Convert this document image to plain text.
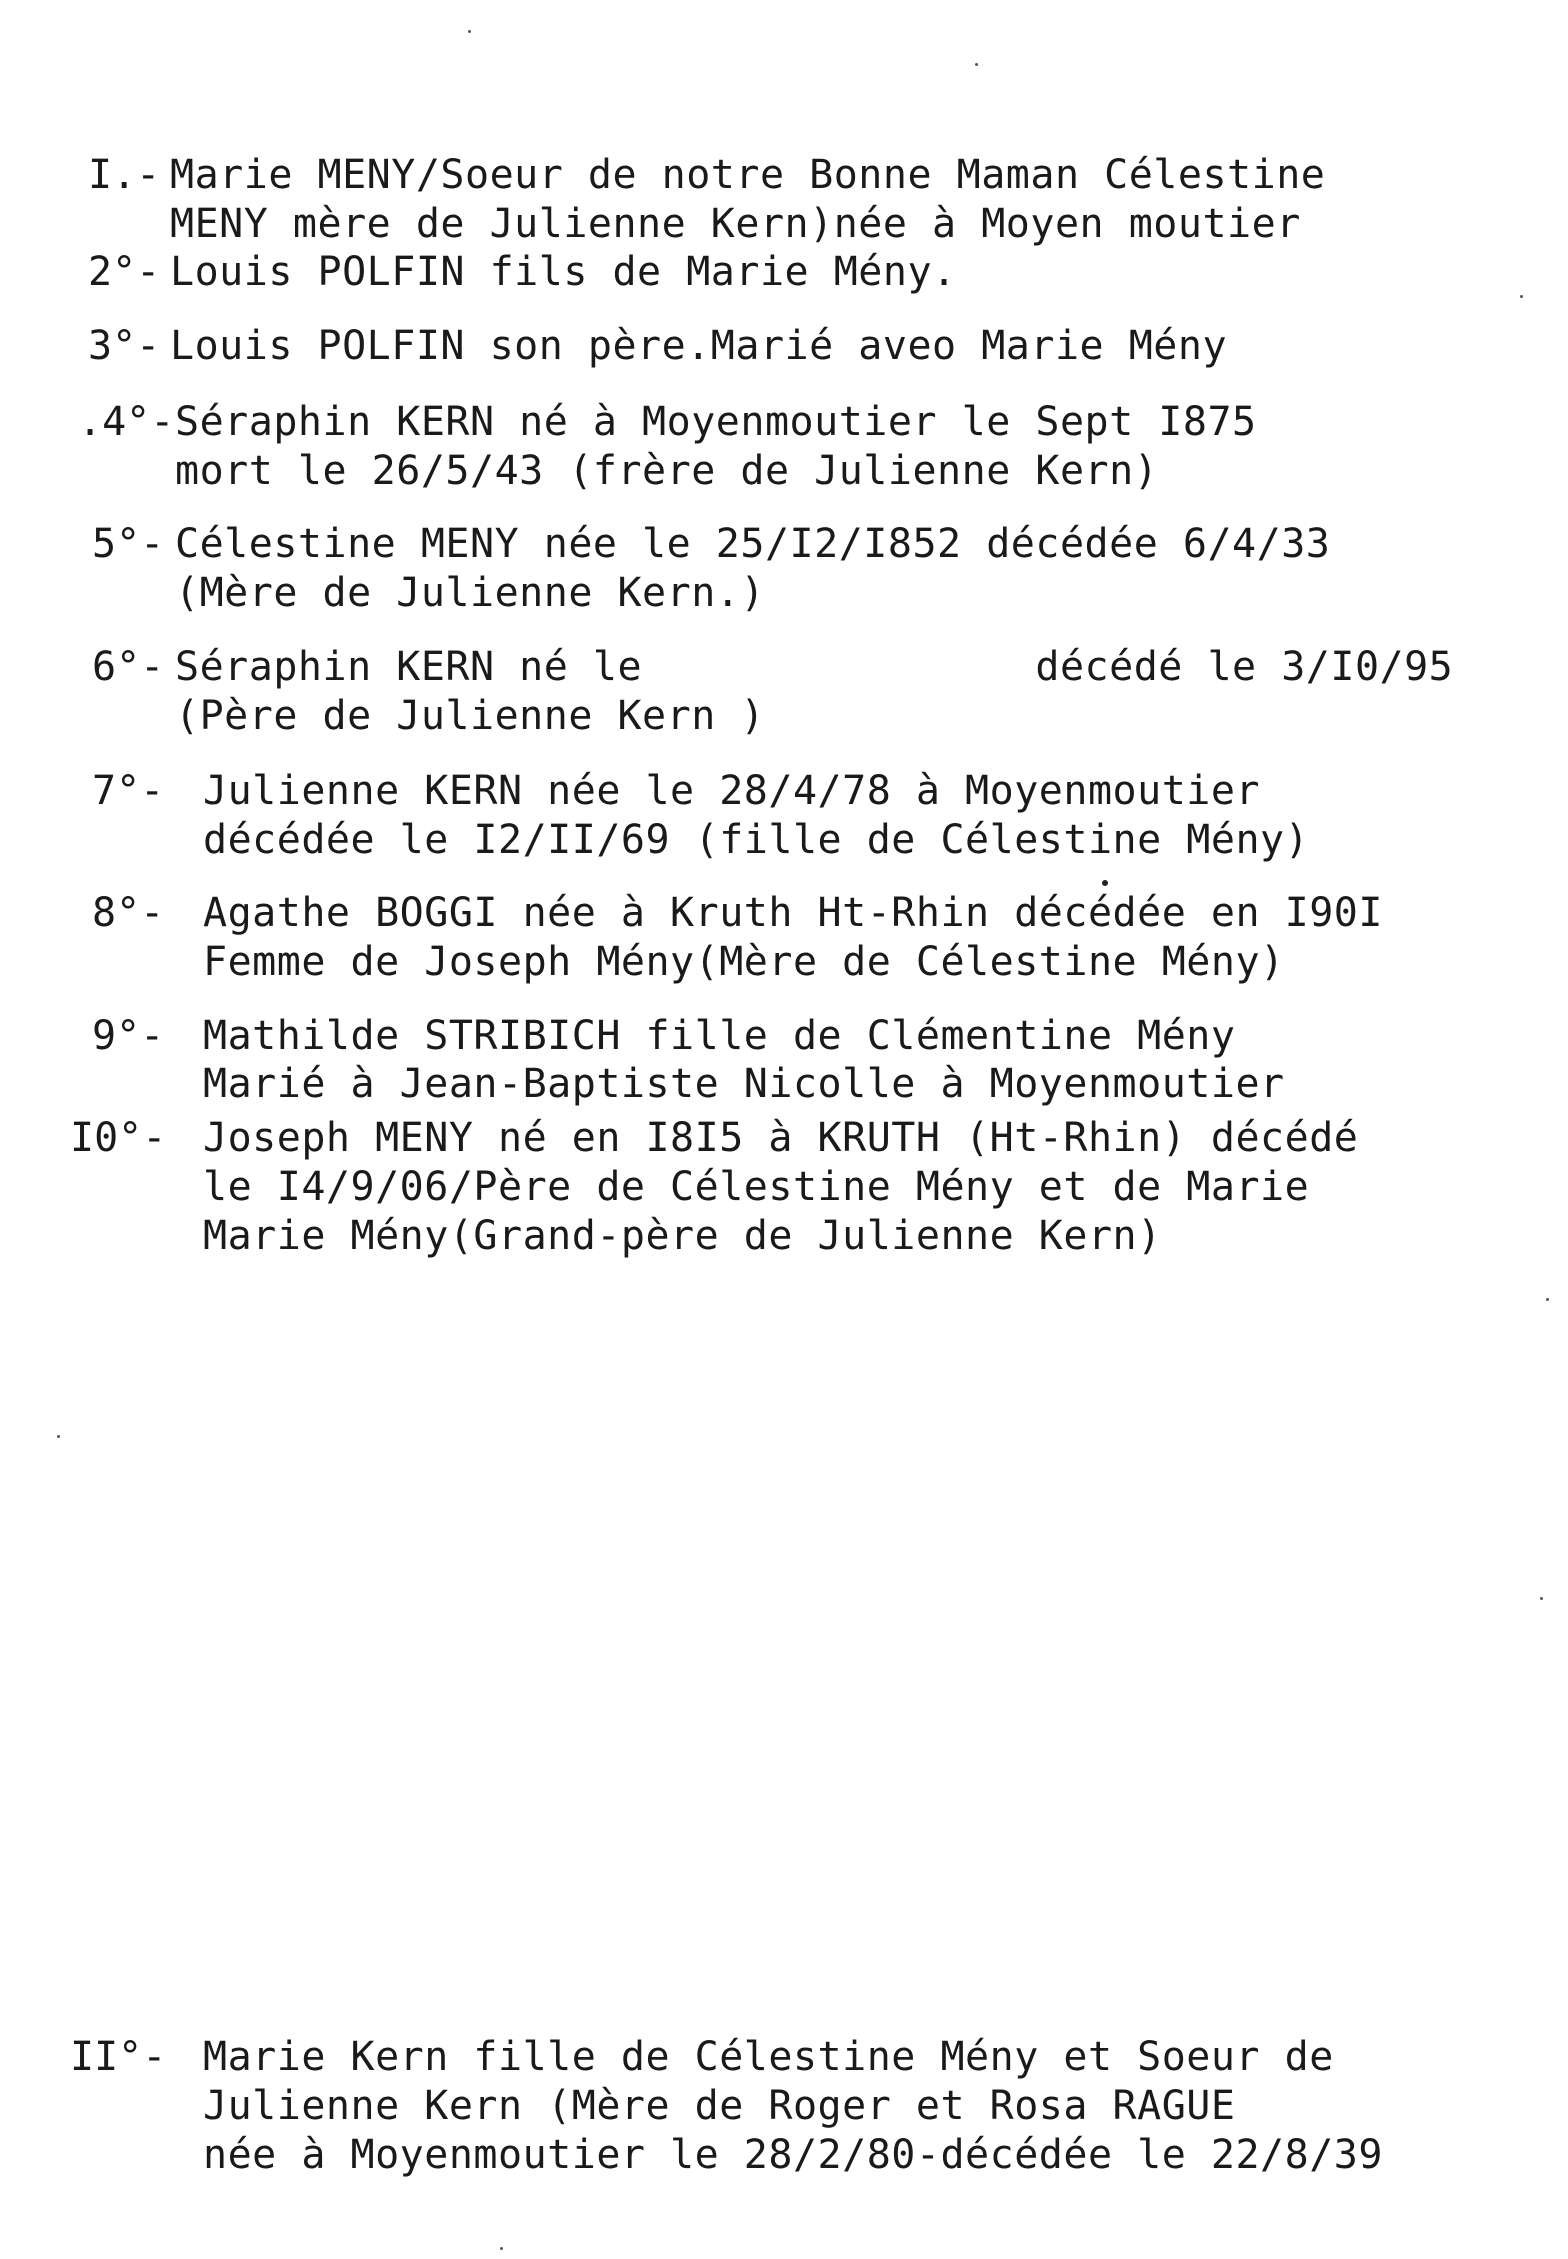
I.- Marie MENY/Soeur de notre Bonne Maman Célestine
MENY mère de Julienne Kern)née à Moyen moutier
2°- Louis POLFIN fils de Marie Mény.
3°- Louis POLFIN son père.Marié aveo Marie Mény
.4°- Séraphin KERN né à Moyenmoutier le Sept I875
mort le 26/5/43 (frère de Julienne Kern)
5°- Célestine MENY née le 25/I2/I852 décédée 6/4/33
(Mère de Julienne Kern.)
6°- Séraphin KERN né le                décédé le 3/I0/95
(Père de Julienne Kern )
7°- Julienne KERN née le 28/4/78 à Moyenmoutier
décédée le I2/II/69 (fille de Célestine Mény)
8°- Agathe BOGGI née à Kruth Ht-Rhin décédée en I90I
Femme de Joseph Mény(Mère de Célestine Mény)
9°- Mathilde STRIBICH fille de Clémentine Mény
Marié à Jean-Baptiste Nicolle à Moyenmoutier
I0°- Joseph MENY né en I8I5 à KRUTH (Ht-Rhin) décédé
le I4/9/06/Père de Célestine Mény et de Marie
Marie Mény(Grand-père de Julienne Kern)
II°- Marie Kern fille de Célestine Mény et Soeur de
Julienne Kern (Mère de Roger et Rosa RAGUE
née à Moyenmoutier le 28/2/80-décédée le 22/8/39
